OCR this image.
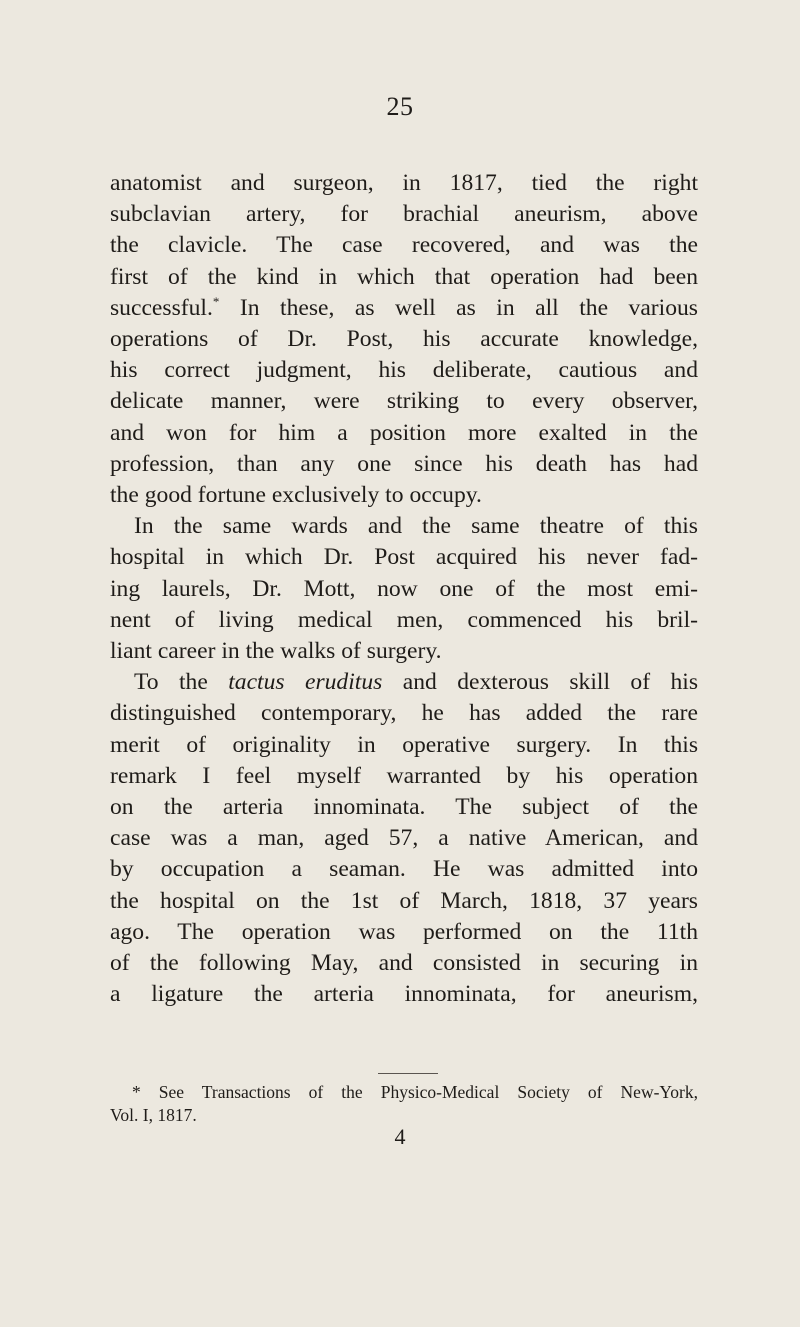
25
anatomist and surgeon, in 1817, tied the right
subclavian artery, for brachial aneurism, above
the clavicle. The case recovered, and was the
first of the kind in which that operation had been
successful.* In these, as well as in all the various
operations of Dr. Post, his accurate knowledge,
his correct judgment, his deliberate, cautious and
delicate manner, were striking to every observer,
and won for him a position more exalted in the
profession, than any one since his death has had
the good fortune exclusively to occupy.
In the same wards and the same theatre of this
hospital in which Dr. Post acquired his never fad-
ing laurels, Dr. Mott, now one of the most emi-
nent of living medical men, commenced his bril-
liant career in the walks of surgery.
To the tactus eruditus and dexterous skill of his
distinguished contemporary, he has added the rare
merit of originality in operative surgery. In this
remark I feel myself warranted by his operation
on the arteria innominata. The subject of the
case was a man, aged 57, a native American, and
by occupation a seaman. He was admitted into
the hospital on the 1st of March, 1818, 37 years
ago. The operation was performed on the 11th
of the following May, and consisted in securing in
a ligature the arteria innominata, for aneurism,
* See Transactions of the Physico-Medical Society of New-York,
Vol. I, 1817.
4
